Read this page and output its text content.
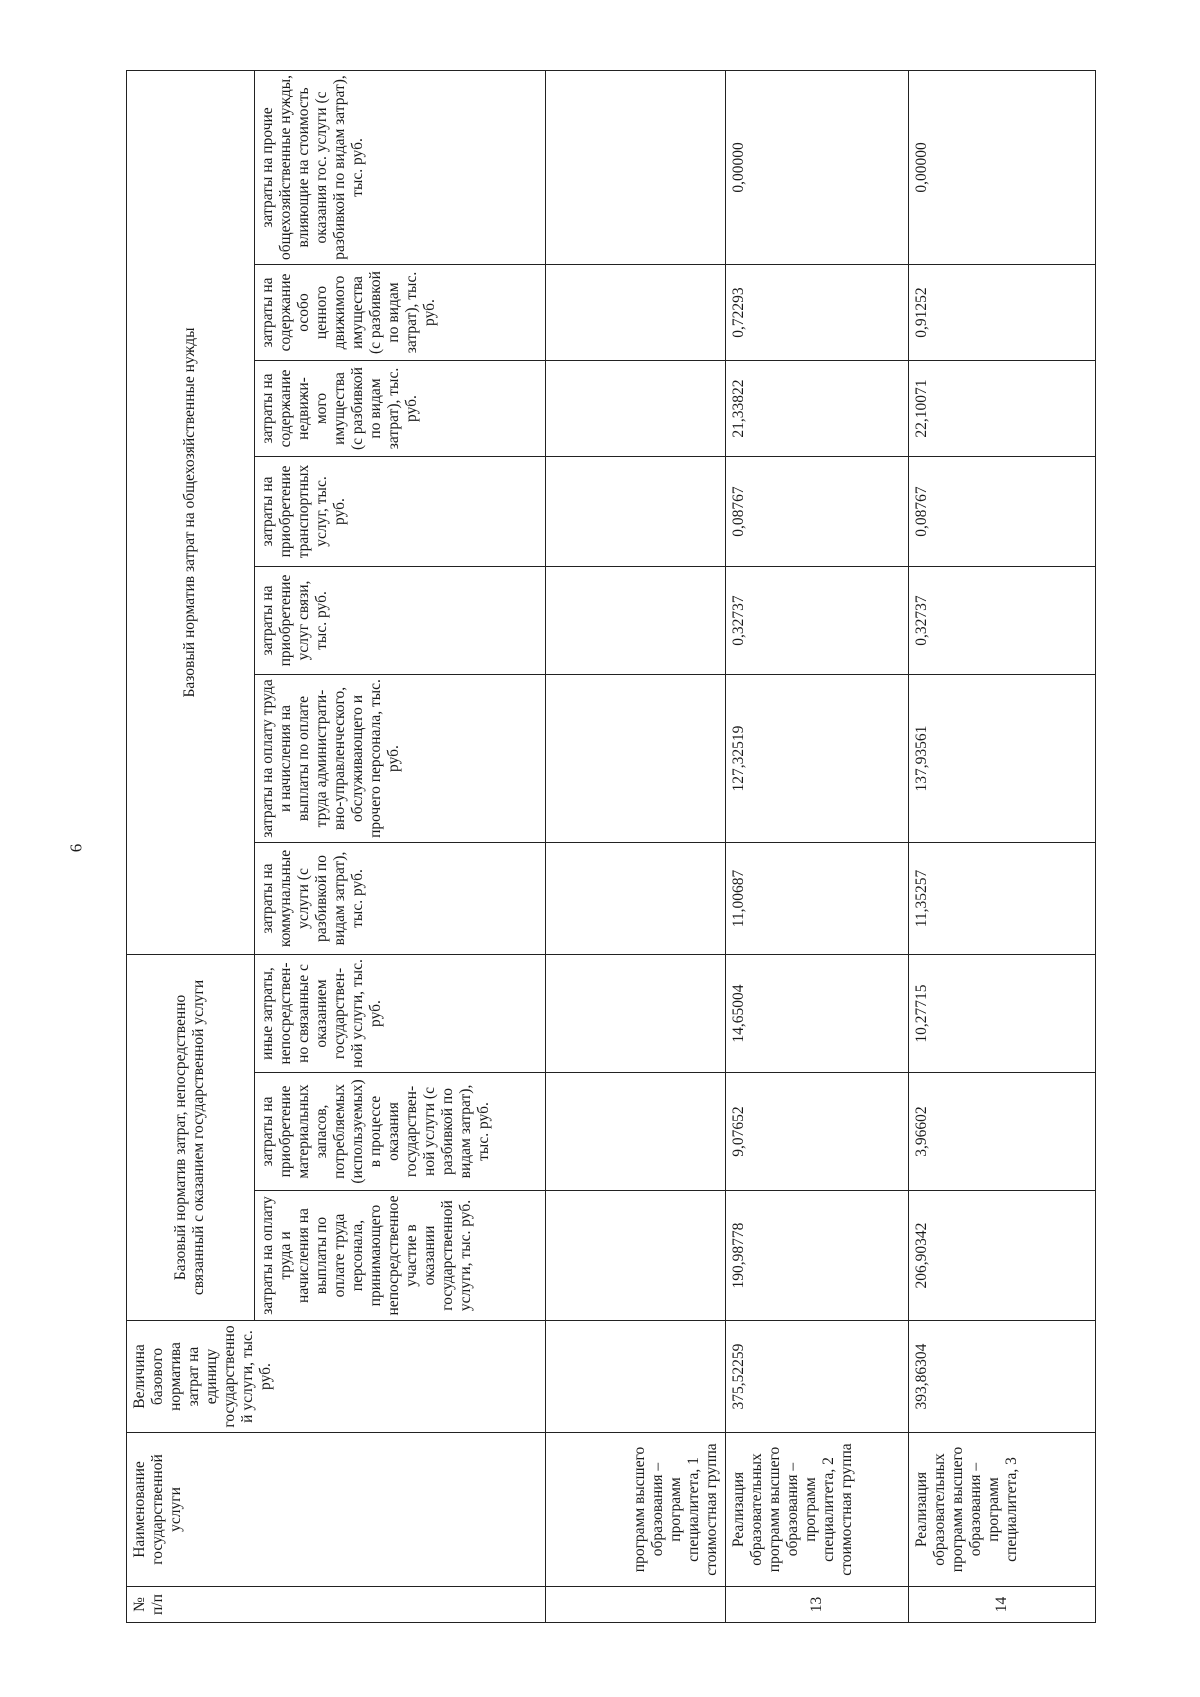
6
№ п/п	Наименование государственной услуги	Величина базового норматива затрат на единицу государственной услуги, тыс. руб.	Базовый норматив затрат, непосредственно связанный с оказанием государственной услуги			Базовый норматив затрат на общехозяйственные нужды						
			затраты на оплату труда и начисления на выплаты по оплате труда персонала, принимающего непосредственное участие в оказании государственной услуги, тыс. руб.	затраты на приобретение материальных запасов, потребляемых (используемых) в процессе оказания государственной услуги (с разбивкой по видам затрат), тыс. руб.	иные затраты, непосредственно связанные с оказанием государственной услуги, тыс. руб.	затраты на коммунальные услуги (с разбивкой по видам затрат), тыс. руб.	затраты на оплату труда и начисления на выплаты по оплате труда административно-управленческого, обслуживающего и прочего персонала, тыс. руб.	затраты на приобретение услуг связи, тыс. руб.	затраты на приобретение транспортных услуг, тыс. руб.	затраты на содержание недвижимого имущества (с разбивкой по видам затрат), тыс. руб.	затраты на содержание особо ценного движимого имущества (с разбивкой по видам затрат), тыс. руб.	затраты на прочие общехозяйственные нужды, влияющие на стоимость оказания гос. услуги (с разбивкой по видам затрат), тыс. руб.
	программ высшего образования – программ специалитета, 1 стоимостная группа											
13	Реализация образовательных программ высшего образования – программ специалитета, 2 стоимостная группа	375,52259	190,98778	9,07652	14,65004	11,00687	127,32519	0,32737	0,08767	21,33822	0,72293	0,00000
14	Реализация образовательных программ высшего образования – программ специалитета, 3	393,86304	206,90342	3,96602	10,27715	11,35257	137,93561	0,32737	0,08767	22,10071	0,91252	0,00000
